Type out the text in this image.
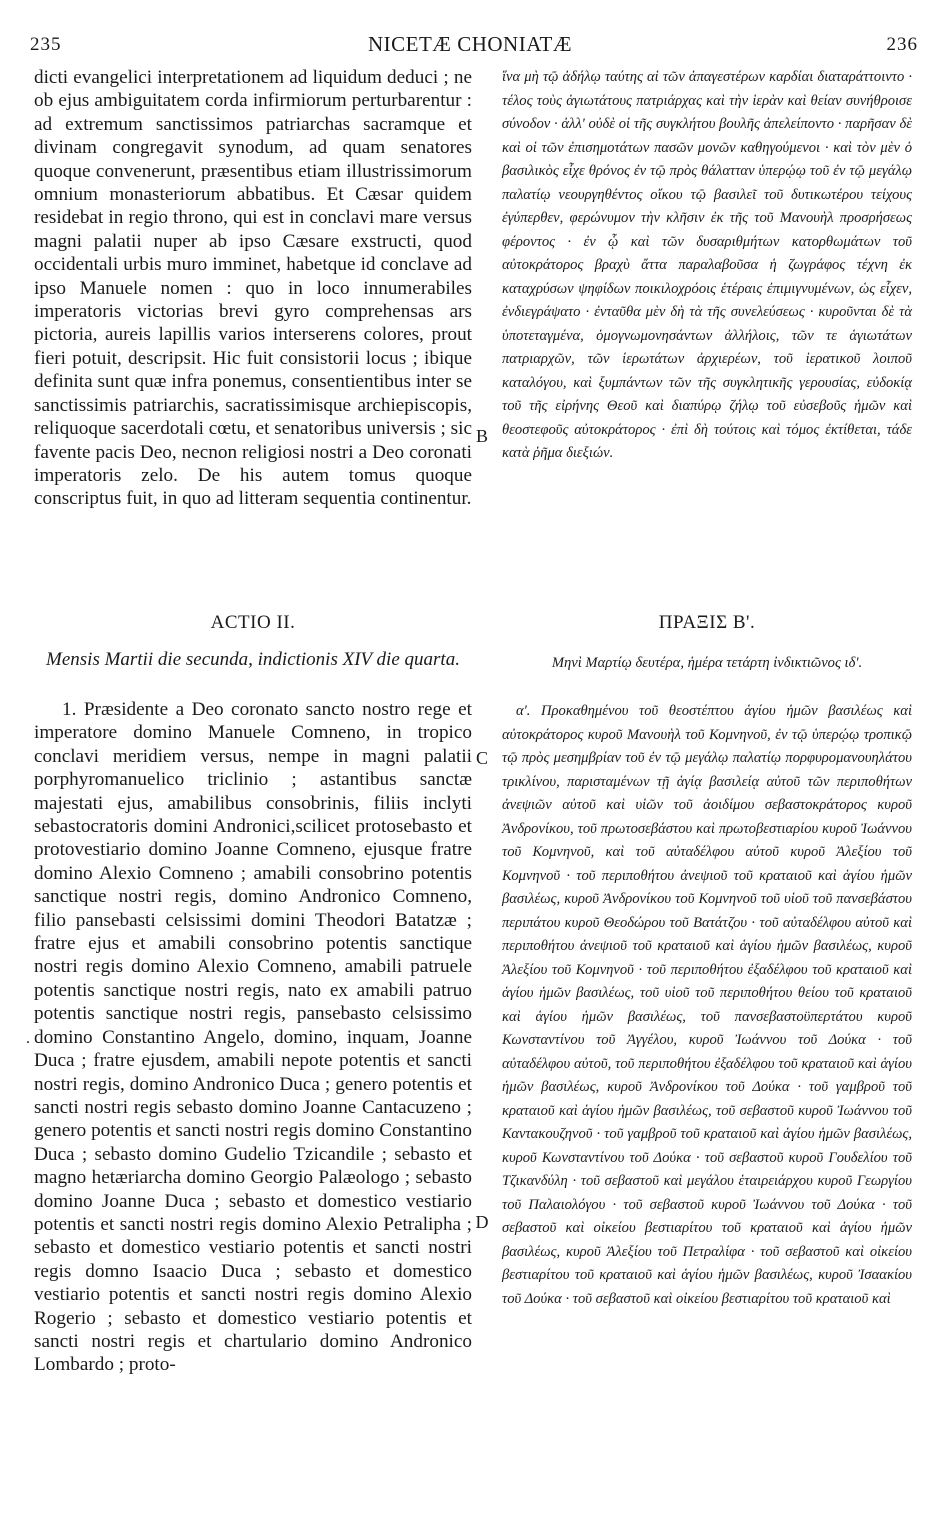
235	NICETÆ CHONIATÆ	236

dicti evangelici interpretationem ad liquidum deduci ; ne ob ejus ambiguitatem corda infirmiorum perturbarentur : ad extremum sanctissimos patriarchas sacramque et divinam congregavit synodum, ad quam senatores quoque convenerunt, præsentibus etiam illustrissimorum omnium monasteriorum abbatibus. Et Cæsar quidem residebat in regio throno, qui est in conclavi mare versus magni palatii nuper ab ipso Cæsare exstructi, quod occidentali urbis muro imminet, habetque id conclave ad ipso Manuele nomen : quo in loco innumerabiles imperatoris victorias brevi gyro comprehensas ars pictoria, aureis lapillis varios interserens colores, prout fieri potuit, descripsit. Hic fuit consistorii locus ; ibique definita sunt quæ infra ponemus, consentientibus inter se sanctissimis patriarchis, sacratissimisque archiepiscopis, reliquoque sacerdotali cœtu, et senatoribus universis ; sic favente pacis Deo, necnon religiosi nostri a Deo coronati imperatoris zelo. De his autem tomus quoque conscriptus fuit, in quo ad litteram sequentia continentur.

ἵνα μὴ τῷ ἀδήλῳ ταύτης αἱ τῶν ἁπαγεστέρων καρδίαι διαταράττοιντο · τέλος τοὺς ἁγιωτάτους πατριάρχας καὶ τὴν ἱερὰν καὶ θείαν συνήθροισε σύνοδον · ἀλλ' οὐδὲ οἱ τῆς συγκλήτου βουλῆς ἀπελείποντο · παρῆσαν δὲ καὶ οἱ τῶν ἐπισημοτάτων πασῶν μονῶν καθηγούμενοι · καὶ τὸν μὲν ὁ βασιλικὸς εἶχε θρόνος ἐν τῷ πρὸς θάλατταν ὑπερῴῳ τοῦ ἐν τῷ μεγάλῳ παλατίῳ νεουργηθέντος οἴκου τῷ βασιλεῖ τοῦ δυτικωτέρου τείχους ἐγύπερθεν, φερώνυμον τὴν κλῆσιν ἐκ τῆς τοῦ Μανουὴλ προσρήσεως φέροντος · ἐν ᾧ καὶ τῶν δυσαριθμήτων κατορθωμάτων τοῦ αὐτοκράτορος βραχὺ ἄττα παραλαβοῦσα ἡ ζωγράφος τέχνη ἐκ καταχρύσων ψηφίδων ποικιλοχρόοις ἑτέραις ἐπιμιγνυμένων, ὡς εἶχεν, ἐνδιεγράψατο · ἐνταῦθα μὲν δὴ τὰ τῆς συνελεύσεως · κυροῦνται δὲ τὰ ὑποτεταγμένα, ὁμογνωμονησάντων ἀλλήλοις, τῶν τε ἁγιωτάτων πατριαρχῶν, τῶν ἱερωτάτων ἀρχιερέων, τοῦ ἱερατικοῦ λοιποῦ καταλόγου, καὶ ξυμπάντων τῶν τῆς συγκλητικῆς γερουσίας, εὐδοκίᾳ τοῦ τῆς εἰρήνης Θεοῦ καὶ διαπύρῳ ζήλῳ τοῦ εὐσεβοῦς ἡμῶν καὶ θεοστεφοῦς αὐτοκράτορος · ἐπὶ δὴ τούτοις καὶ τόμος ἐκτίθεται, τάδε κατὰ ῥῆμα διεξιών.

B
C
D
.
ACTIO II.	ΠΡΑΞΙΣ Β'.
Mensis Martii die secunda, indictionis XIV die quarta.	Μηνὶ Μαρτίῳ δευτέρα, ἡμέρα τετάρτη ἰνδικτιῶνος ιδ'.

1. Præsidente a Deo coronato sancto nostro rege et imperatore domino Manuele Comneno, in tropico conclavi meridiem versus, nempe in magni palatii porphyromanuelico triclinio ; astantibus sanctæ majestati ejus, amabilibus consobrinis, filiis inclyti sebastocratoris domini Andronici,scilicet protosebasto et protovestiario domino Joanne Comneno, ejusque fratre domino Alexio Comneno ; amabili consobrino potentis sanctique nostri regis, domino Andronico Comneno, filio pansebasti celsissimi domini Theodori Batatzæ ; fratre ejus et amabili consobrino potentis sanctique nostri regis domino Alexio Comneno, amabili patruele potentis sanctique nostri regis, nato ex amabili patruo potentis sanctique nostri regis, pansebasto celsissimo domino Constantino Angelo, domino, inquam, Joanne Duca ; fratre ejusdem, amabili nepote potentis et sancti nostri regis, domino Andronico Duca ; genero potentis et sancti nostri regis sebasto domino Joanne Cantacuzeno ; genero potentis et sancti nostri regis domino Constantino Duca ; sebasto domino Gudelio Tzicandile ; sebasto et magno hetæriarcha domino Georgio Palæologo ; sebasto domino Joanne Duca ; sebasto et domestico vestiario potentis et sancti nostri regis domino Alexio Petralipha ; sebasto et domestico vestiario potentis et sancti nostri regis domno Isaacio Duca ; sebasto et domestico vestiario potentis et sancti nostri regis domino Alexio Rogerio ; sebasto et domestico vestiario potentis et sancti nostri regis et chartulario domino Andronico Lombardo ; proto-

α'. Προκαθημένου τοῦ θεοστέπτου ἁγίου ἡμῶν βασιλέως καὶ αὐτοκράτορος κυροῦ Μανουὴλ τοῦ Κομνηνοῦ, ἐν τῷ ὑπερῴῳ τροπικῷ τῷ πρὸς μεσημβρίαν τοῦ ἐν τῷ μεγάλῳ παλατίῳ πορφυρομανουηλάτου τρικλίνου, παρισταμένων τῇ ἁγίᾳ βασιλείᾳ αὐτοῦ τῶν περιποθήτων ἀνεψιῶν αὐτοῦ καὶ υἱῶν τοῦ ἀοιδίμου σεβαστοκράτορος κυροῦ Ἀνδρονίκου, τοῦ πρωτοσεβάστου καὶ πρωτοβεστιαρίου κυροῦ Ἰωάννου τοῦ Κομνηνοῦ, καὶ τοῦ αὐταδέλφου αὐτοῦ κυροῦ Ἀλεξίου τοῦ Κομνηνοῦ · τοῦ περιποθήτου ἀνεψιοῦ τοῦ κραταιοῦ καὶ ἁγίου ἡμῶν βασιλέως, κυροῦ Ἀνδρονίκου τοῦ Κομνηνοῦ τοῦ υἱοῦ τοῦ πανσεβάστου περιπάτου κυροῦ Θεοδώρου τοῦ Βατάτζου · τοῦ αὐταδέλφου αὐτοῦ καὶ περιποθήτου ἀνεψιοῦ τοῦ κραταιοῦ καὶ ἁγίου ἡμῶν βασιλέως, κυροῦ Ἀλεξίου τοῦ Κομνηνοῦ · τοῦ περιποθήτου ἐξαδέλφου τοῦ κραταιοῦ καὶ ἁγίου ἡμῶν βασιλέως, τοῦ υἱοῦ τοῦ περιποθήτου θείου τοῦ κραταιοῦ καὶ ἁγίου ἡμῶν βασιλέως, τοῦ πανσεβαστοϋπερτάτου κυροῦ Κωνσταντίνου τοῦ Ἀγγέλου, κυροῦ Ἰωάννου τοῦ Δούκα · τοῦ αὐταδέλφου αὐτοῦ, τοῦ περιποθήτου ἐξαδέλφου τοῦ κραταιοῦ καὶ ἁγίου ἡμῶν βασιλέως, κυροῦ Ἀνδρονίκου τοῦ Δούκα · τοῦ γαμβροῦ τοῦ κραταιοῦ καὶ ἁγίου ἡμῶν βασιλέως, τοῦ σεβαστοῦ κυροῦ Ἰωάννου τοῦ Καντακουζηνοῦ · τοῦ γαμβροῦ τοῦ κραταιοῦ καὶ ἁγίου ἡμῶν βασιλέως, κυροῦ Κωνσταντίνου τοῦ Δούκα · τοῦ σεβαστοῦ κυροῦ Γουδελίου τοῦ Τζικανδύλη · τοῦ σεβαστοῦ καὶ μεγάλου ἑταιρειάρχου κυροῦ Γεωργίου τοῦ Παλαιολόγου · τοῦ σεβαστοῦ κυροῦ Ἰωάννου τοῦ Δούκα · τοῦ σεβαστοῦ καὶ οἰκείου βεστιαρίτου τοῦ κραταιοῦ καὶ ἁγίου ἡμῶν βασιλέως, κυροῦ Ἀλεξίου τοῦ Πετραλίφα · τοῦ σεβαστοῦ καὶ οἰκείου βεστιαρίτου τοῦ κραταιοῦ καὶ ἁγίου ἡμῶν βασιλέως, κυροῦ Ἰσαακίου τοῦ Δούκα · τοῦ σεβαστοῦ καὶ οἰκείου βεστιαρίτου τοῦ κραταιοῦ καὶ
